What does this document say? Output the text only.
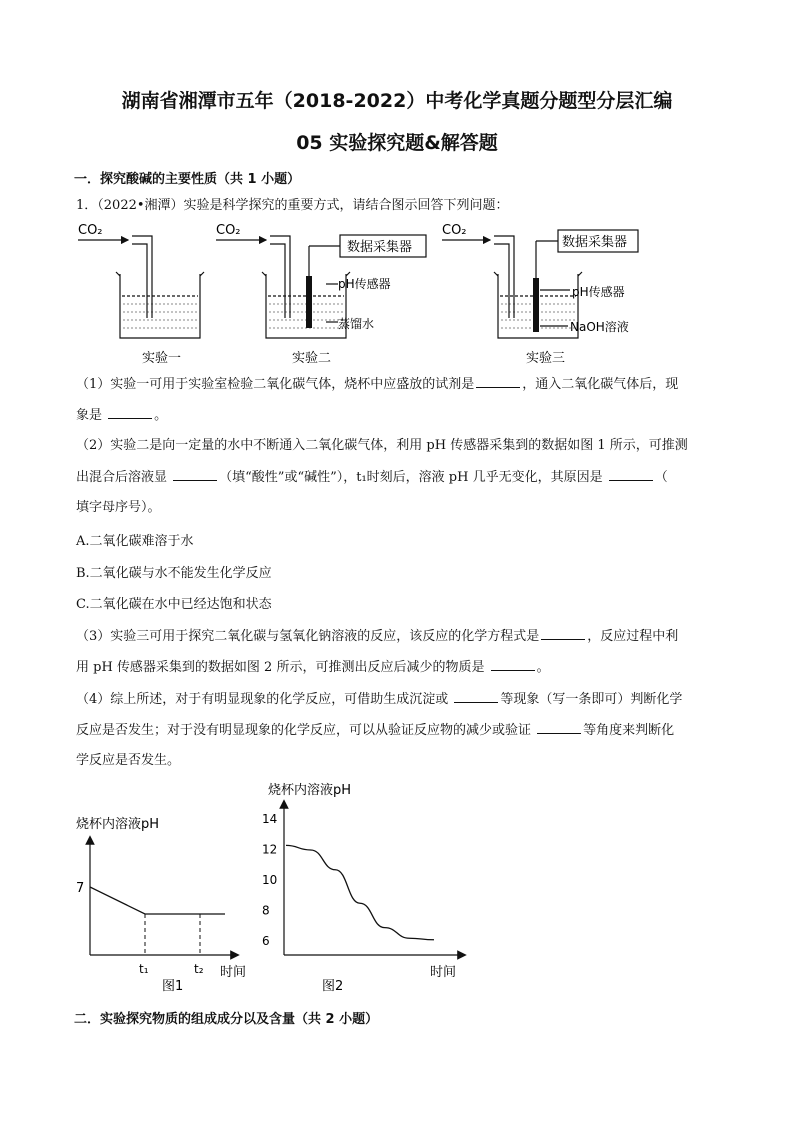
湖南省湘潭市五年（2018-2022）中考化学真题分题型分层汇编
05 实验探究题&解答题
一．探究酸碱的主要性质（共 1 小题）
1．（2022•湘潭）实验是科学探究的重要方式，请结合图示回答下列问题：
CO₂	CO₂	CO₂
数据采集器	数据采集器
pH传感器
pH传感器
蒸馏水	NaOH溶液
实验一	实验二	实验三
（1）实验一可用于实验室检验二氧化碳气体，烧杯中应盛放的试剂是	，通入二氧化碳气体后，现
象是	。
（2）实验二是向一定量的水中不断通入二氧化碳气体，利用 pH 传感器采集到的数据如图 1 所示，可推测
出混合后溶液显	（填“酸性”或“碱性”），t₁时刻后，溶液 pH 几乎无变化，其原因是	（
填字母序号）。
A.二氧化碳难溶于水
B.二氧化碳与水不能发生化学反应
C.二氧化碳在水中已经达饱和状态
（3）实验三可用于探究二氧化碳与氢氧化钠溶液的反应，该反应的化学方程式是	，反应过程中利
用 pH 传感器采集到的数据如图 2 所示，可推测出反应后减少的物质是	。
（4）综上所述，对于有明显现象的化学反应，可借助生成沉淀或	等现象（写一条即可）判断化学
反应是否发生；对于没有明显现象的化学反应，可以从验证反应物的减少或验证	等角度来判断化
学反应是否发生。
烧杯内溶液pH
7
t₁	t₂ 时间
图1
烧杯内溶液pH
6
8
10
12
14
时间
图2
二．实验探究物质的组成成分以及含量（共 2 小题）
